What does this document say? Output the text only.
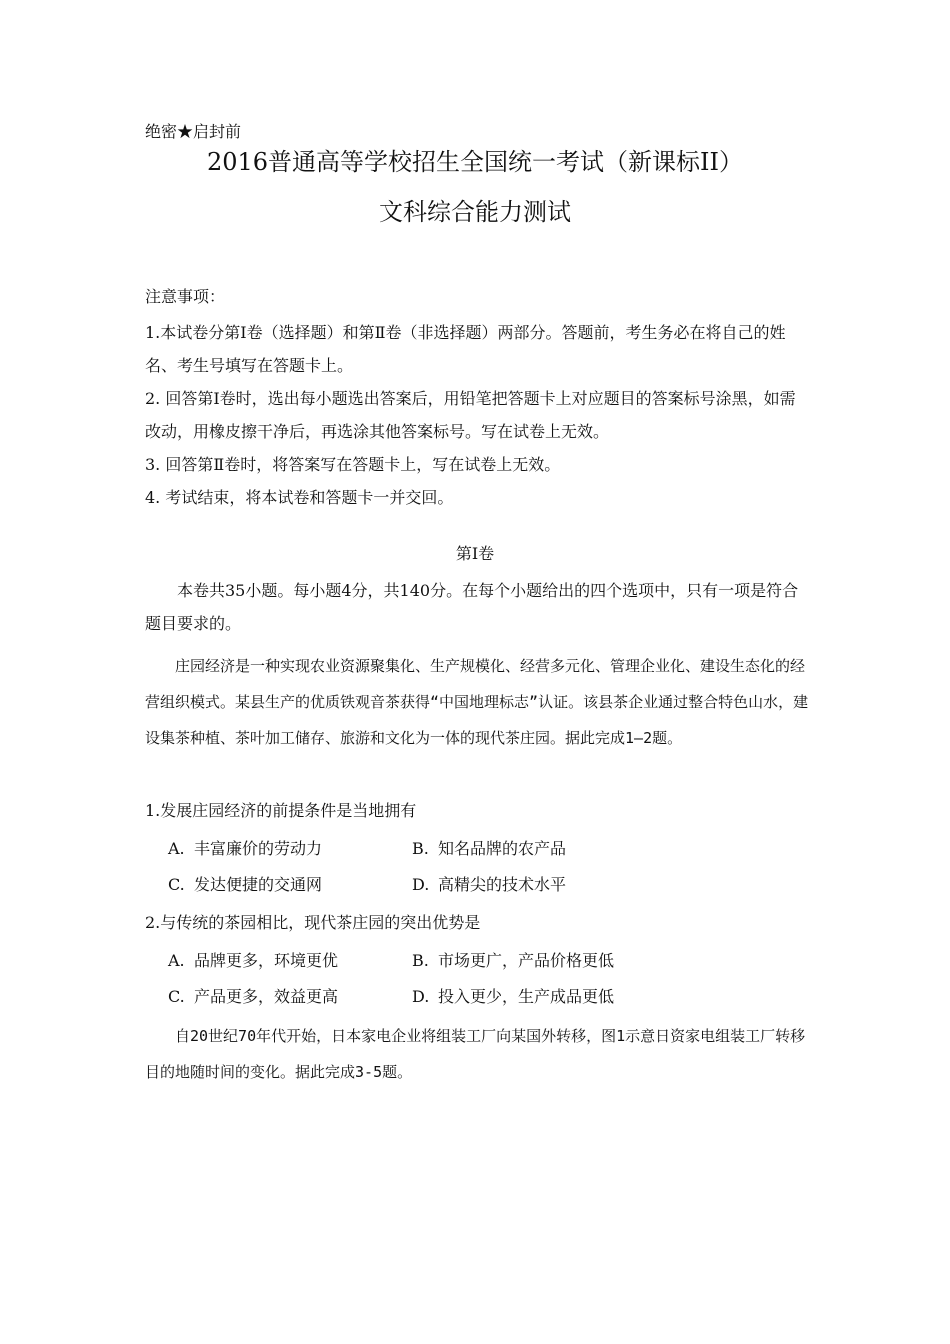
绝密★启封前
2016普通高等学校招生全国统一考试（新课标II）
文科综合能力测试
注意事项：

1.本试卷分第Ⅰ卷（选择题）和第Ⅱ卷（非选择题）两部分。答题前，考生务必在将自己的姓名、考生号填写在答题卡上。

2. 回答第Ⅰ卷时，选出每小题选出答案后，用铅笔把答题卡上对应题目的答案标号涂黑，如需改动，用橡皮擦干净后，再选涂其他答案标号。写在试卷上无效。

3. 回答第Ⅱ卷时，将答案写在答题卡上，写在试卷上无效。

4. 考试结束，将本试卷和答题卡一并交回。

第Ⅰ卷

本卷共35小题。每小题4分，共140分。在每个小题给出的四个选项中，只有一项是符合题目要求的。

庄园经济是一种实现农业资源聚集化、生产规模化、经营多元化、管理企业化、建设生态化的经营组织模式。某县生产的优质铁观音茶获得“中国地理标志”认证。该县茶企业通过整合特色山水，建设集茶种植、茶叶加工储存、旅游和文化为一体的现代茶庄园。据此完成1—2题。

1.发展庄园经济的前提条件是当地拥有
A. 丰富廉价的劳动力	B. 知名品牌的农产品
C. 发达便捷的交通网	D. 高精尖的技术水平
2.与传统的茶园相比，现代茶庄园的突出优势是
A. 品牌更多，环境更优	B. 市场更广，产品价格更低
C. 产品更多，效益更高	D. 投入更少，生产成品更低

自20世纪70年代开始，日本家电企业将组装工厂向某国外转移，图1示意日资家电组装工厂转移目的地随时间的变化。据此完成3-5题。
